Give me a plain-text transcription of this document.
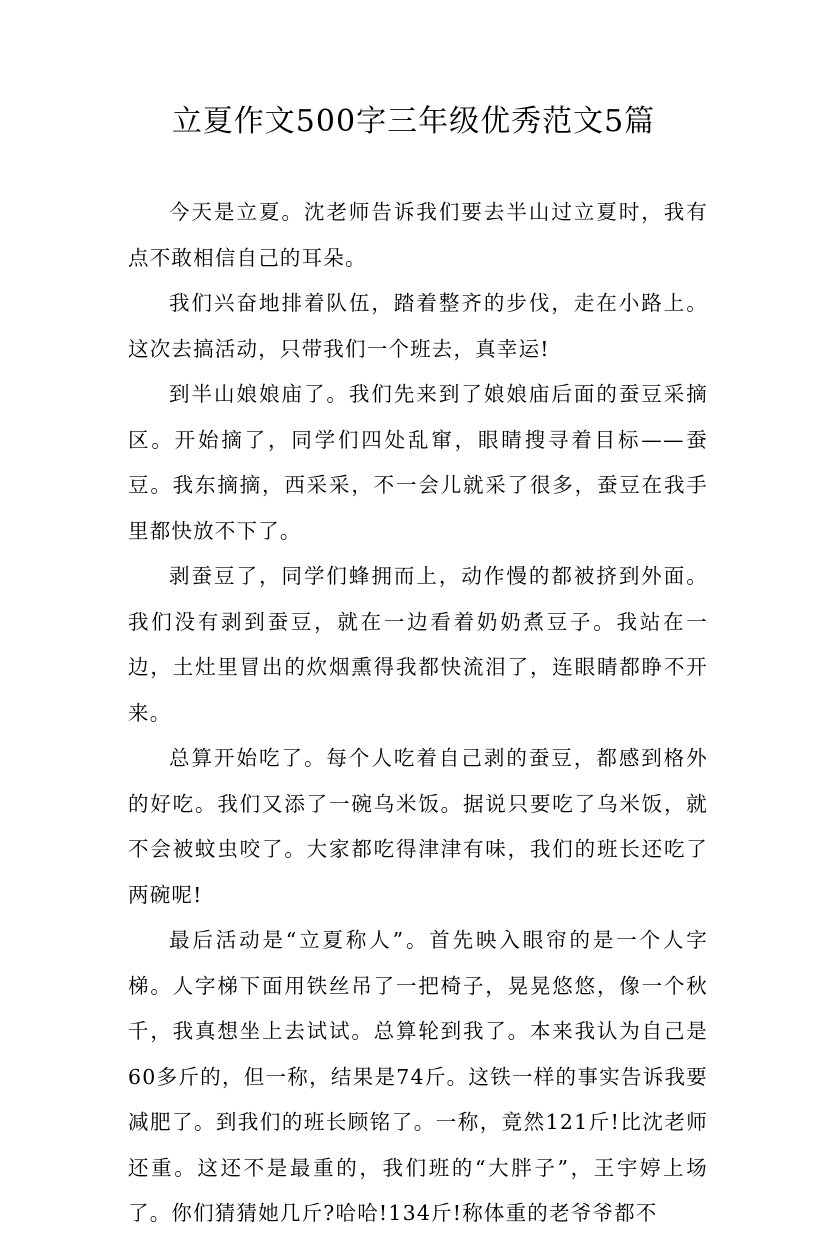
立夏作文500字三年级优秀范文5篇

今天是立夏。沈老师告诉我们要去半山过立夏时，我有点不敢相信自己的耳朵。

我们兴奋地排着队伍，踏着整齐的步伐，走在小路上。这次去搞活动，只带我们一个班去，真幸运!

到半山娘娘庙了。我们先来到了娘娘庙后面的蚕豆采摘区。开始摘了，同学们四处乱窜，眼睛搜寻着目标——蚕豆。我东摘摘，西采采，不一会儿就采了很多，蚕豆在我手里都快放不下了。

剥蚕豆了，同学们蜂拥而上，动作慢的都被挤到外面。我们没有剥到蚕豆，就在一边看着奶奶煮豆子。我站在一边，土灶里冒出的炊烟熏得我都快流泪了，连眼睛都睁不开来。

总算开始吃了。每个人吃着自己剥的蚕豆，都感到格外的好吃。我们又添了一碗乌米饭。据说只要吃了乌米饭，就不会被蚊虫咬了。大家都吃得津津有味，我们的班长还吃了两碗呢!

最后活动是“立夏称人”。首先映入眼帘的是一个人字梯。人字梯下面用铁丝吊了一把椅子，晃晃悠悠，像一个秋千，我真想坐上去试试。总算轮到我了。本来我认为自己是60多斤的，但一称，结果是74斤。这铁一样的事实告诉我要减肥了。到我们的班长顾铭了。一称，竟然121斤!比沈老师还重。这还不是最重的，我们班的“大胖子”，王宇婷上场了。你们猜猜她几斤?哈哈!134斤!称体重的老爷爷都不
